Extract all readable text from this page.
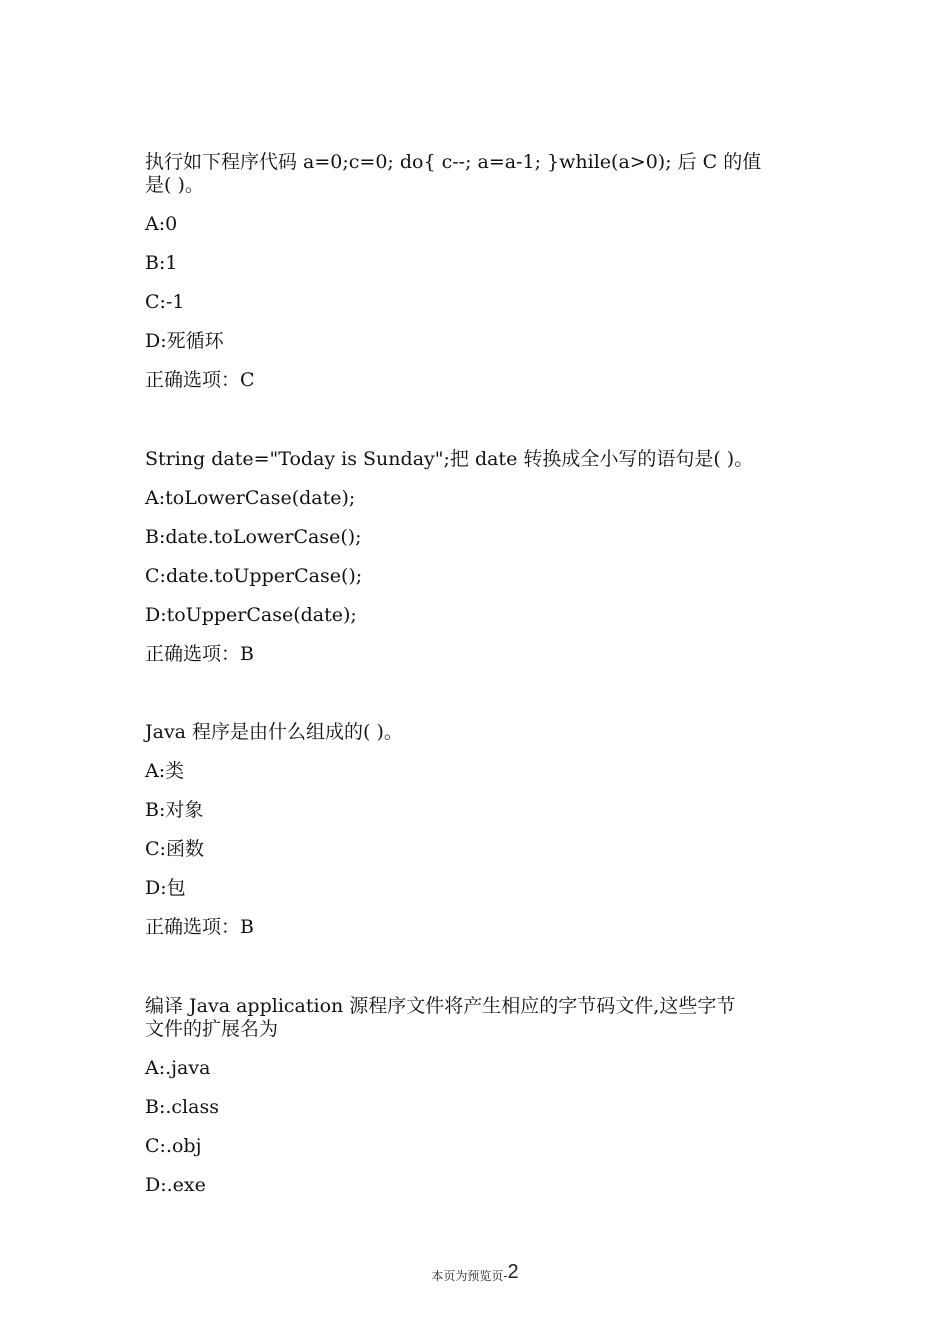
执行如下程序代码 a=0;c=0; do{ c--; a=a-1; }while(a>0); 后 C 的值
是( )。
A:0
B:1
C:-1
D:死循环
正确选项：C
String date="Today is Sunday";把 date 转换成全小写的语句是( )。
A:toLowerCase(date);
B:date.toLowerCase();
C:date.toUpperCase();
D:toUpperCase(date);
正确选项：B
Java 程序是由什么组成的( )。
A:类
B:对象
C:函数
D:包
正确选项：B
编译 Java application 源程序文件将产生相应的字节码文件,这些字节
文件的扩展名为
A:.java
B:.class
C:.obj
D:.exe
本页为预览页-2
